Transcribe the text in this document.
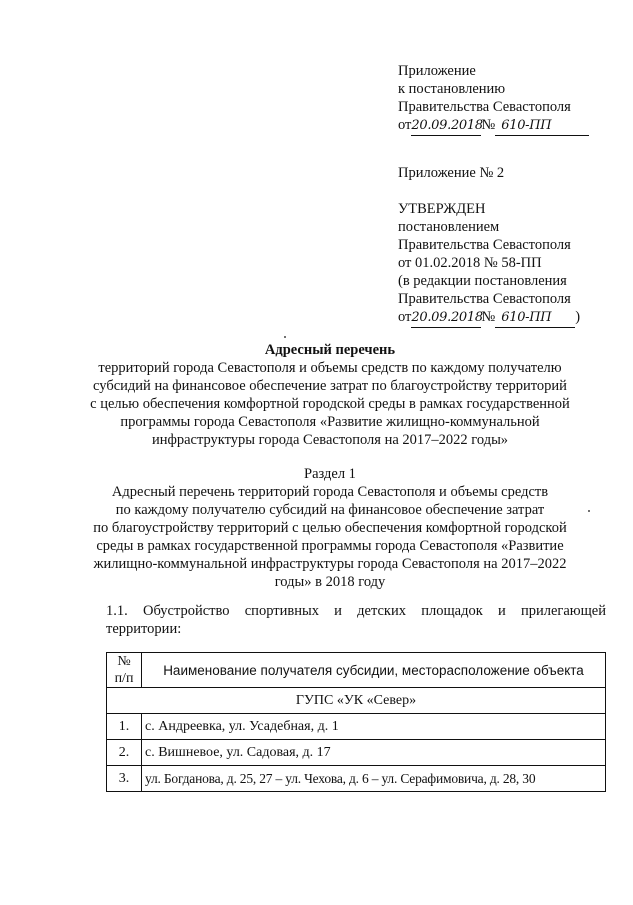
Приложение
к постановлению
Правительства Севастополя
от20.09.2018№ 610-ПП
Приложение № 2
УТВЕРЖДЕН
постановлением
Правительства Севастополя
от 01.02.2018 № 58-ПП
(в редакции постановления
Правительства Севастополя
от20.09.2018№ 610-ПП )
Адресный перечень
территорий города Севастополя и объемы средств по каждому получателю
субсидий на финансовое обеспечение затрат по благоустройству территорий
с целью обеспечения комфортной городской среды в рамках государственной
программы города Севастополя «Развитие жилищно-коммунальной
инфраструктуры города Севастополя на 2017–2022 годы»
Раздел 1
Адресный перечень территорий города Севастополя и объемы средств
по каждому получателю субсидий на финансовое обеспечение затрат
по благоустройству территорий с целью обеспечения комфортной городской
среды в рамках государственной программы города Севастополя «Развитие
жилищно-коммунальной инфраструктуры города Севастополя на 2017–2022
годы» в 2018 году
1.1. Обустройство спортивных и детских площадок и прилегающей
территории:
№ п/п	Наименование получателя субсидии, месторасположение объекта
ГУПС «УК «Север»	
1.	с. Андреевка, ул. Усадебная, д. 1
2.	с. Вишневое, ул. Садовая, д. 17
3.	ул. Богданова, д. 25, 27 – ул. Чехова, д. 6 – ул. Серафимовича, д. 28, 30
